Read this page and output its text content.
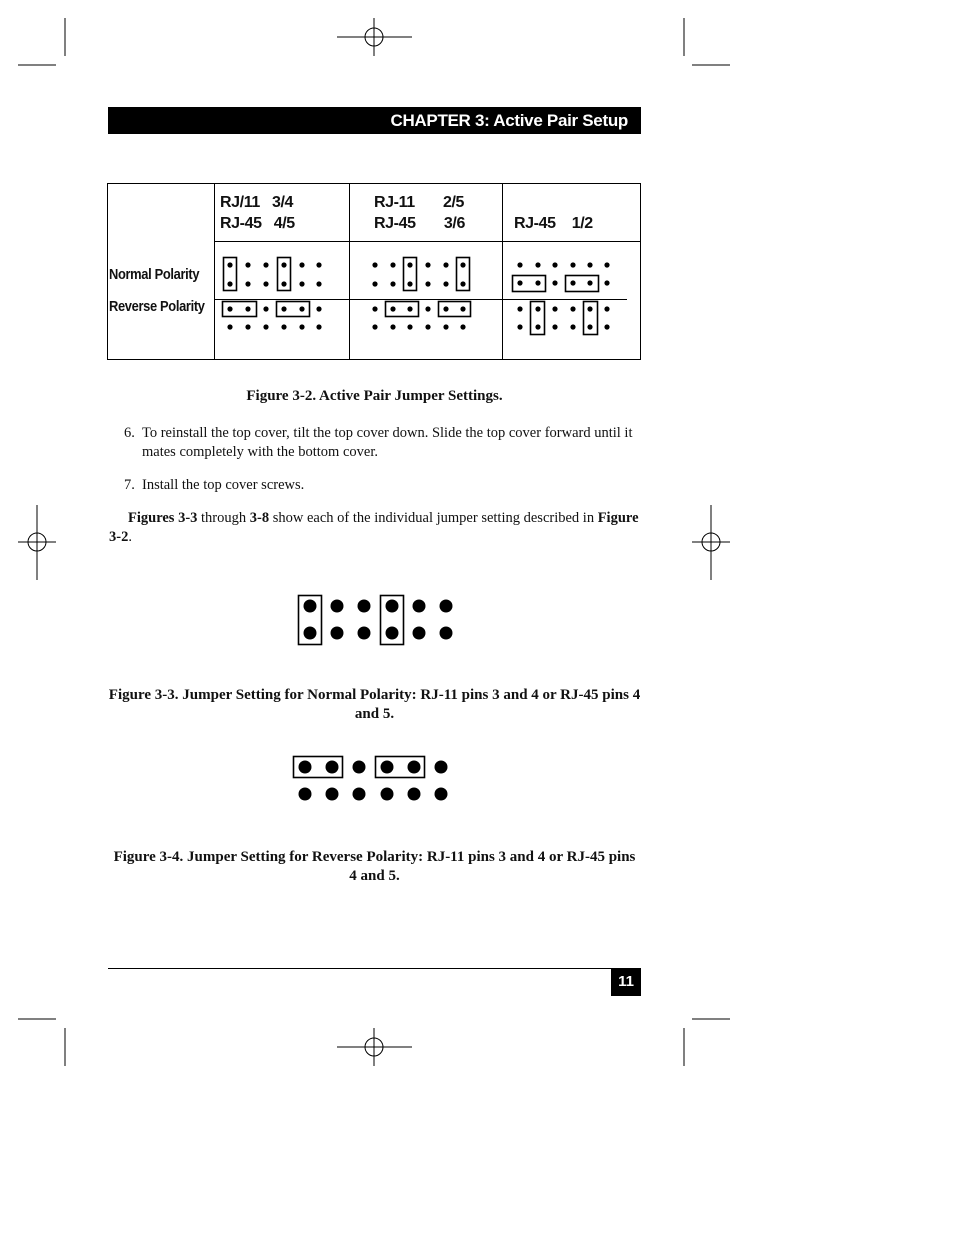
CHAPTER 3: Active Pair Setup
RJ/11   3/4
RJ-45   4/5
RJ-11       2/5
RJ-45       3/6	RJ-45    1/2
Normal Polarity
Reverse Polarity
Figure 3-2. Active Pair Jumper Settings.
6. To reinstall the top cover, tilt the top cover down. Slide the top cover forward until it mates completely with the bottom cover.
7. Install the top cover screws.
Figures 3-3 through 3-8 show each of the individual jumper setting described in Figure 3-2.
Figure 3-3. Jumper Setting for Normal Polarity: RJ-11 pins 3 and 4 or RJ-45 pins 4 and 5.
Figure 3-4. Jumper Setting for Reverse Polarity: RJ-11 pins 3 and 4 or RJ-45 pins 4 and 5.
11
